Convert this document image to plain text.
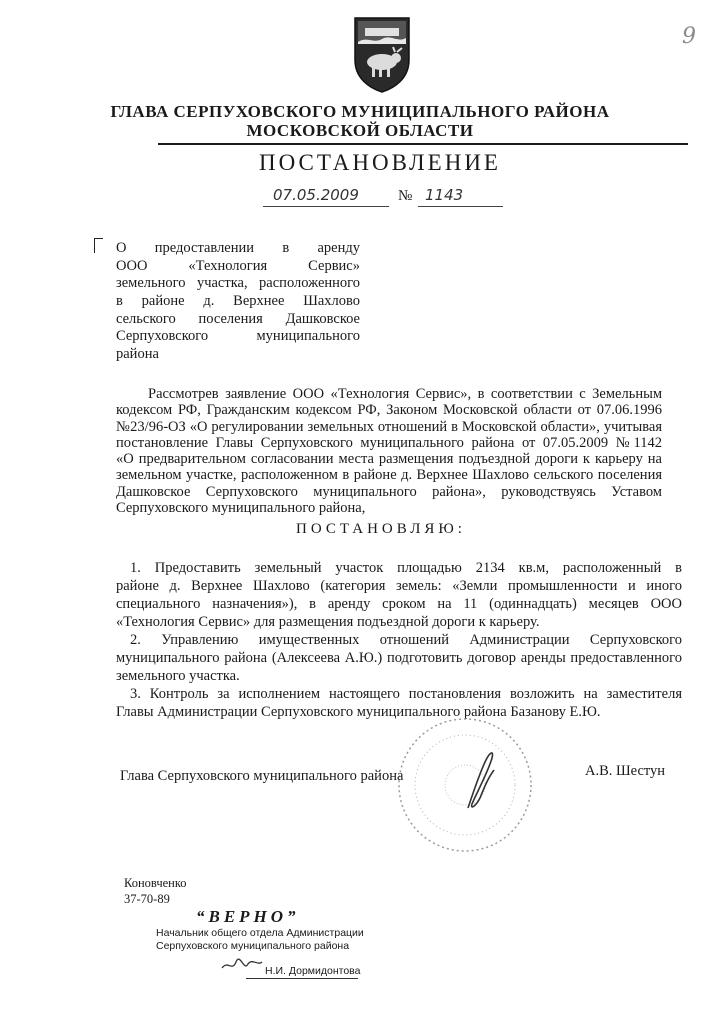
9
ГЛАВА СЕРПУХОВСКОГО МУНИЦИПАЛЬНОГО РАЙОНА
МОСКОВСКОЙ ОБЛАСТИ
ПОСТАНОВЛЕНИЕ
07.05.2009	№ 1143
О предоставлении в аренду
ООО «Технология Сервис»
земельного участка, расположенного
в районе д. Верхнее Шахлово
сельского поселения Дашковское
Серпуховского муниципального
района
Рассмотрев заявление ООО «Технология Сервис», в соответствии с Земельным
кодексом РФ, Гражданским кодексом РФ, Законом Московской области от 07.06.1996
№23/96-ОЗ «О регулировании земельных отношений в Московской области», учитывая
постановление Главы Серпуховского муниципального района от 07.05.2009 №1142
«О предварительном согласовании места размещения подъездной дороги к карьеру на
земельном участке, расположенном в районе д. Верхнее Шахлово сельского поселения
Дашковское Серпуховского муниципального района», руководствуясь Уставом
Серпуховского муниципального района,
ПОСТАНОВЛЯЮ:
1. Предоставить земельный участок площадью 2134 кв.м, расположенный в
районе д. Верхнее Шахлово (категория земель: «Земли промышленности и иного
специального назначения»), в аренду сроком на 11 (одиннадцать) месяцев ООО
«Технология Сервис» для размещения подъездной дороги к карьеру.
2. Управлению имущественных отношений Администрации Серпуховского
муниципального района (Алексеева А.Ю.) подготовить договор аренды предоставленного
земельного участка.
3. Контроль за исполнением настоящего постановления возложить на заместителя
Главы Администрации Серпуховского муниципального района Базанову Е.Ю.
Глава Серпуховского муниципального района	А.В. Шестун
Коновченко
37-70-89
“ВЕРНО”
Начальник общего отдела Администрации
Серпуховского муниципального района
Н.И. Дормидонтова
